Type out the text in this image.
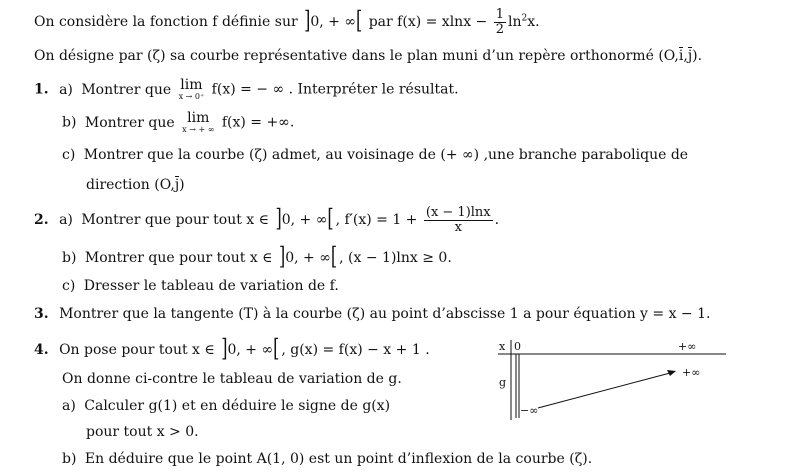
On considère la fonction f définie sur ]0, + ∞[ par $f(x) = xlnx - \frac{1}{2} \ln^2x$.
On désigne par (ζ) sa courbe représentative dans le plan muni d’un repère orthonormé (O,i,j).
1. a) Montrer que lim
x → 0⁺ f(x) = − ∞ . Interpréter le résultat.
b) Montrer que lim
x → + ∞ f(x) = +∞.
c) Montrer que la courbe (ζ) admet, au voisinage de (+ ∞) ,une branche parabolique de
direction (O,j)
2. a) Montrer que pour tout x ∈ ]0, + ∞[ , $f'(x) = 1 + \frac{(x - 1)\ln x}{x}$ .
b) Montrer que pour tout x ∈ ]0, + ∞[ , (x − 1)lnx ≥ 0.
c) Dresser le tableau de variation de f.
3. Montrer que la tangente (T) à la courbe (ζ) au point d’abscisse 1 a pour équation y = x − 1.
4. On pose pour tout x ∈ ]0, + ∞[ , g(x) = f(x) − x + 1 .
On donne ci-contre le tableau de variation de g.
a) Calculer g(1) et en déduire le signe de g(x)
pour tout x > 0.
b) En déduire que le point A(1, 0) est un point d’inflexion de la courbe (ζ).
x 0	+∞
g
−∞
+∞
